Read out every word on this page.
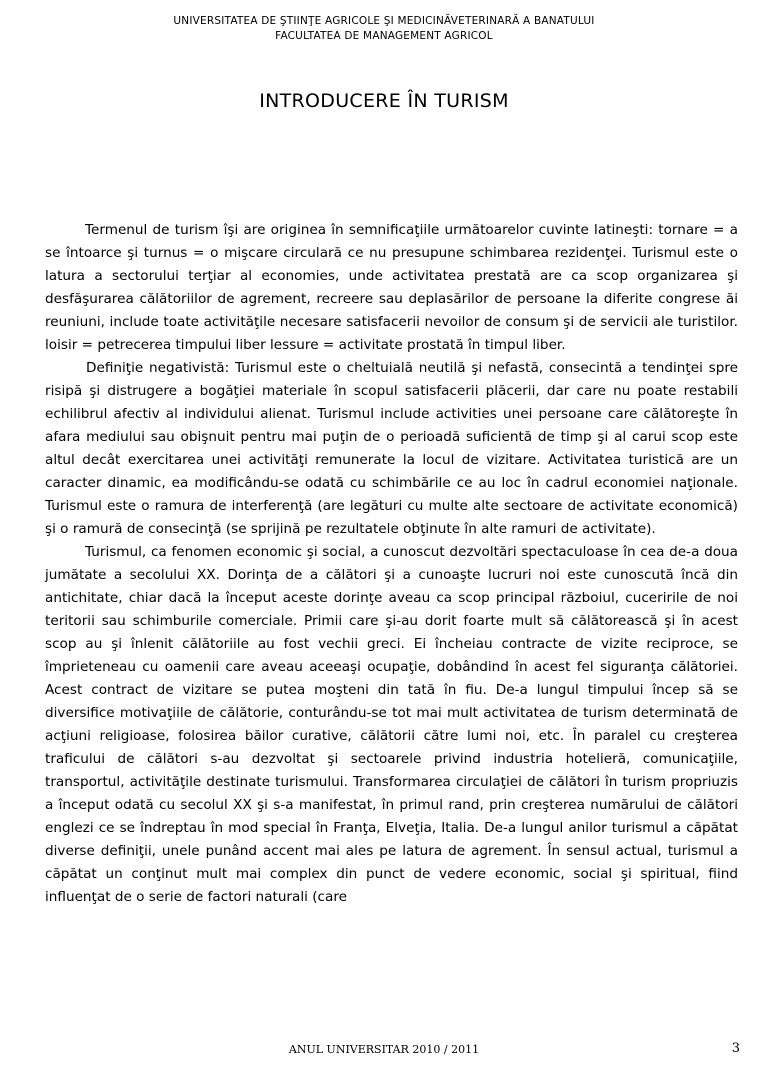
UNIVERSITATEA DE ŞTIINŢE AGRICOLE ŞI MEDICINĂVETERINARĂ A BANATULUI
FACULTATEA DE MANAGEMENT AGRICOL
INTRODUCERE ÎN TURISM

Termenul de turism îşi are originea în semnificaţiile următoarelor cuvinte latineşti: tornare = a se întoarce şi turnus = o mişcare circulară ce nu presupune schimbarea rezidenţei. Turismul este o latura a sectorului terţiar al economies, unde activitatea prestată are ca scop organizarea şi desfăşurarea călătoriilor de agrement, recreere sau deplasărilor de persoane la diferite congrese ăi reuniuni, include toate activităţile necesare satisfacerii nevoilor de consum şi de servicii ale turistilor. loisir = petrecerea timpului liber lessure = activitate prostată în timpul liber.

Definiţie negativistă: Turismul este o cheltuială neutilă şi nefastă, consecintă a tendinţei spre risipă şi distrugere a bogăţiei materiale în scopul satisfacerii plăcerii, dar care nu poate restabili echilibrul afectiv al individului alienat. Turismul include activities unei persoane care călătoreşte în afara mediului sau obişnuit pentru mai puţin de o perioadă suficientă de timp şi al carui scop este altul decât exercitarea unei activităţi remunerate la locul de vizitare. Activitatea turistică are un caracter dinamic, ea modificându-se odată cu schimbările ce au loc în cadrul economiei naţionale. Turismul este o ramura de interferenţă (are legături cu multe alte sectoare de activitate economică) şi o ramură de consecinţă (se sprijină pe rezultatele obţinute în alte ramuri de activitate).

Turismul, ca fenomen economic şi social, a cunoscut dezvoltări spectaculoase în cea de-a doua jumătate a secolului XX. Dorinţa de a călători şi a cunoaşte lucruri noi este cunoscută încă din antichitate, chiar dacă la început aceste dorinţe aveau ca scop principal războiul, cuceririle de noi teritorii sau schimburile comerciale. Primii care şi-au dorit foarte mult să călătorească şi în acest scop au şi înlenit călătoriile au fost vechii greci. Ei încheiau contracte de vizite reciproce, se împrieteneau cu oamenii care aveau aceeaşi ocupaţie, dobândind în acest fel siguranţa călătoriei. Acest contract de vizitare se putea moşteni din tată în fiu. De-a lungul timpului încep să se diversifice motivaţiile de călătorie, conturându-se tot mai mult activitatea de turism determinată de acţiuni religioase, folosirea băilor curative, călătorii către lumi noi, etc. În paralel cu creşterea traficului de călători s-au dezvoltat şi sectoarele privind industria hotelieră, comunicaţiile, transportul, activităţile destinate turismului. Transformarea circulaţiei de călători în turism propriuzis a început odată cu secolul XX şi s-a manifestat, în primul rand, prin creşterea numărului de călători englezi ce se îndreptau în mod special în Franţa, Elveţia, Italia. De-a lungul anilor turismul a căpătat diverse definiţii, unele punând accent mai ales pe latura de agrement. În sensul actual, turismul a căpătat un conţinut mult mai complex din punct de vedere economic, social şi spiritual, fiind influenţat de o serie de factori naturali (care

ANUL UNIVERSITAR 2010 / 2011	3
